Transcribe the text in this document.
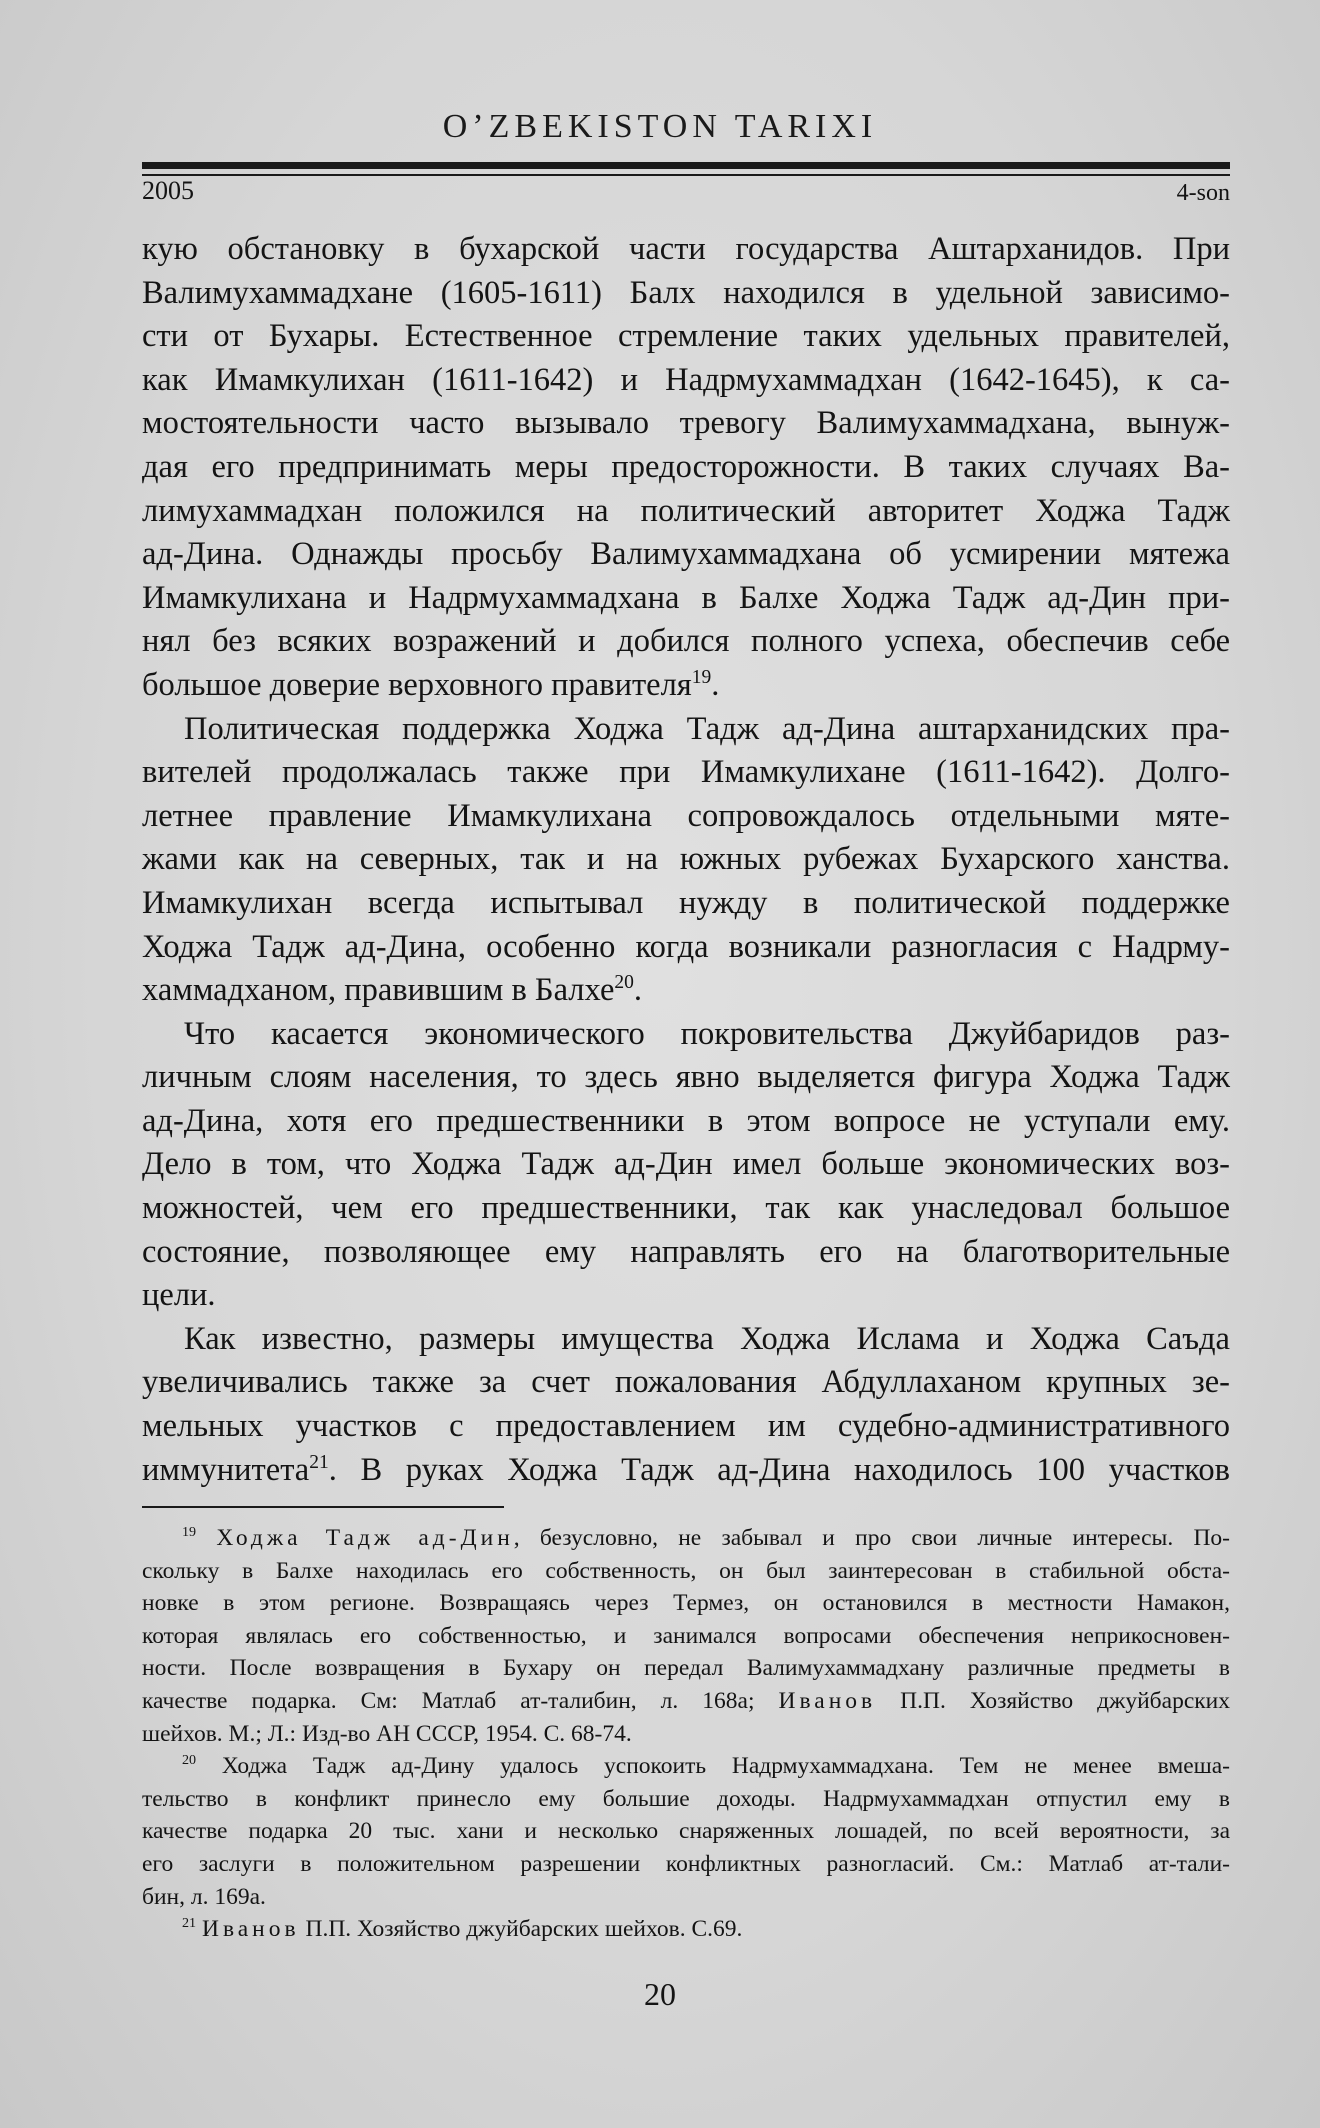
O’ZBEKISTON TARIXI
2005	4-son
кую обстановку в бухарской части государства Аштарханидов. При
Валимухаммадхане (1605-1611) Балх находился в удельной зависимо-
сти от Бухары. Естественное стремление таких удельных правителей,
как Имамкулихан (1611-1642) и Надрмухаммадхан (1642-1645), к са-
мостоятельности часто вызывало тревогу Валимухаммадхана, вынуж-
дая его предпринимать меры предосторожности. В таких случаях Ва-
лимухаммадхан положился на политический авторитет Ходжа Тадж
ад-Дина. Однажды просьбу Валимухаммадхана об усмирении мятежа
Имамкулихана и Надрмухаммадхана в Балхе Ходжа Тадж ад-Дин при-
нял без всяких возражений и добился полного успеха, обеспечив себе
большое доверие верховного правителя$^{19}$.
Политическая поддержка Ходжа Тадж ад-Дина аштарханидских пра-
вителей продолжалась также при Имамкулихане (1611-1642). Долго-
летнее правление Имамкулихана сопровождалось отдельными мяте-
жами как на северных, так и на южных рубежах Бухарского ханства.
Имамкулихан всегда испытывал нужду в политической поддержке
Ходжа Тадж ад-Дина, особенно когда возникали разногласия с Надрму-
хаммадханом, правившим в Балхе$^{20}$.
Что касается экономического покровительства Джуйбаридов раз-
личным слоям населения, то здесь явно выделяется фигура Ходжа Тадж
ад-Дина, хотя его предшественники в этом вопросе не уступали ему.
Дело в том, что Ходжа Тадж ад-Дин имел больше экономических воз-
можностей, чем его предшественники, так как унаследовал большое
состояние, позволяющее ему направлять его на благотворительные
цели.
Как известно, размеры имущества Ходжа Ислама и Ходжа Саъда
увеличивались также за счет пожалования Абдуллаханом крупных зе-
мельных участков с предоставлением им судебно-административного
иммунитета$^{21}$. В руках Ходжа Тадж ад-Дина находилось 100 участков
$^{19}$ Ходжа Тадж ад-Дин, безусловно, не забывал и про свои личные интересы. По-
скольку в Балхе находилась его собственность, он был заинтересован в стабильной обста-
новке в этом регионе. Возвращаясь через Термез, он остановился в местности Намакон,
которая являлась его собственностью, и занимался вопросами обеспечения неприкосновен-
ности. После возвращения в Бухару он передал Валимухаммадхану различные предметы в
качестве подарка. См: Матлаб ат-талибин, л. 168а; Иванов П.П. Хозяйство джуйбарских
шейхов. М.; Л.: Изд-во АН СССР, 1954. С. 68-74.
$^{20}$ Ходжа Тадж ад-Дину удалось успокоить Надрмухаммадхана. Тем не менее вмеша-
тельство в конфликт принесло ему большие доходы. Надрмухаммадхан отпустил ему в
качестве подарка 20 тыс. хани и несколько снаряженных лошадей, по всей вероятности, за
его заслуги в положительном разрешении конфликтных разногласий. См.: Матлаб ат-тали-
бин, л. 169а.
$^{21}$ Иванов П.П. Хозяйство джуйбарских шейхов. С.69.
20
